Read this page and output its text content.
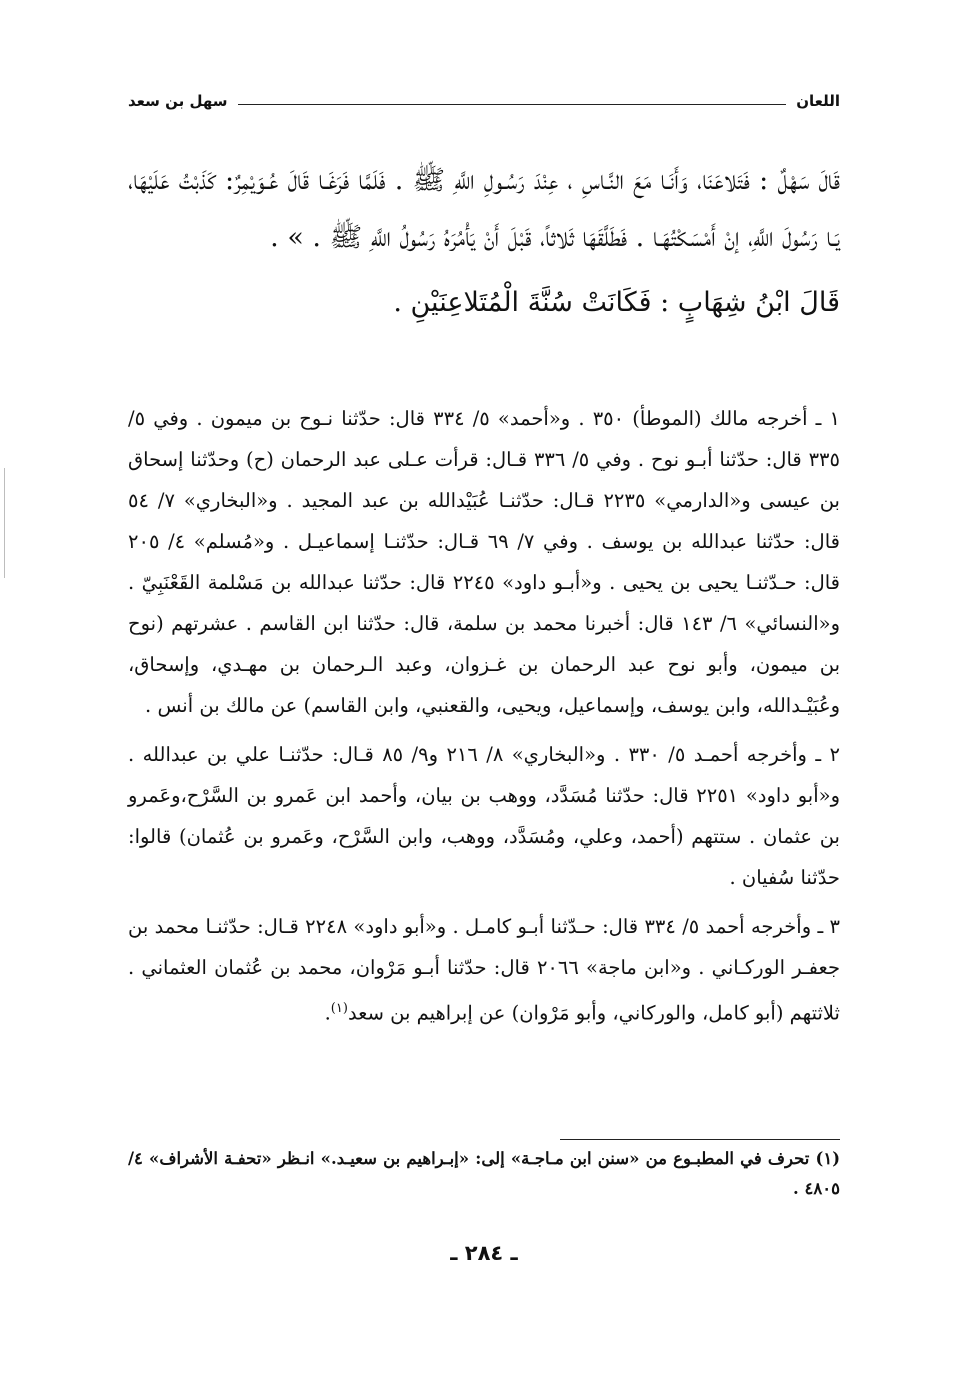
اللعان
سهل بن سعد

قَالَ سَهْلٌ : فَتَلاعَنَا، وَأَنَـا مَعَ النَّـاسِ ، عِنْدَ رَسُـولِ اللَّهِ ﷺ . فَلَمَّا فَرَغَـا قَالَ عُـوَيْمِرٌ: كَذَبْتُ عَلَيْهَا، يَـا رَسُولَ اللَّهِ، إنْ أَمْسَكْتُهَـا . فَطَلَّقَهَا ثَلاثاً، قَبْلَ أَنْ يَأْمُرَهُ رَسُولُ اللَّهِ ﷺ . » .

قَالَ ابْنُ شِهَابٍ : فَكَانَتْ سُنَّةَ الْمُتَلاعِنَيْنِ .

١ ـ أخرجه مالك (الموطأ) ٣٥٠ . و«أحمد» ٥/ ٣٣٤ قال: حدّثنا نـوح بن ميمون . وفي ٥/ ٣٣٥ قال: حدّثنا أبـو نوح . وفي ٥/ ٣٣٦ قـال: قرأت عـلى عبد الرحمان (ح) وحدّثنا إسحاق بن عيسى و«الدارمي» ٢٢٣٥ قـال: حدّثنـا عُبَيْدالله بن عبد المجيد . و«البخاري» ٧/ ٥٤ قال: حدّثنا عبدالله بن يوسف . وفي ٧/ ٦٩ قـال: حدّثنـا إسماعيـل . و«مُسلم» ٤/ ٢٠٥ قال: حـدّثنـا يحيى بن يحيى . و«أبـو داود» ٢٢٤٥ قال: حدّثنا عبدالله بن مَسْلمة القَعْنَبِيّ . و«النسائي» ٦/ ١٤٣ قال: أخبرنا محمد بن سلمة، قال: حدّثنا ابن القاسم . عشرتهم (نوح بن ميمون، وأبو نوح عبد الرحمان بن غـزوان، وعبد الـرحمان بن مهـدي، وإسحاق، وعُبَيْـدالله، وابن يوسف، وإسماعيل، ويحيى، والقعنبي، وابن القاسم) عن مالك بن أنس .

٢ ـ وأخرجه أحمـد ٥/ ٣٣٠ . و«البخاري» ٨/ ٢١٦ و٩/ ٨٥ قـال: حدّثنـا علي بن عبدالله . و«أبو داود» ٢٢٥١ قال: حدّثنا مُسَدَّد، ووهب بن بيان، وأحمد ابن عَمرو بن السَّرْح،وعَمرو بن عثمان . ستتهم (أحمد، وعلي، ومُسَدَّد، ووهب، وابن السَّرْح، وعَمرو بن عُثمان) قالوا: حدّثنا سُفيان .

٣ ـ وأخرجه أحمد ٥/ ٣٣٤ قال: حـدّثنا أبـو كامـل . و«أبو داود» ٢٢٤٨ قـال: حدّثنـا محمد بن جعفـر الوركـاني . و«ابن ماجة» ٢٠٦٦ قال: حدّثنا أبـو مَرْوان، محمد بن عُثمان العثماني . ثلاثتهم (أبو كامل، والوركاني، وأبو مَرْوان) عن إبراهيم بن سعد$^{(١)}$.

(١) تحرف في المطبـوع من «سنن ابن مـاجـة» إلى: «إبـراهيم بن سعيـد.» انـظر «تحفـة الأشراف» ٤/ ٤٨٠٥ .

ـ ٢٨٤ ـ
